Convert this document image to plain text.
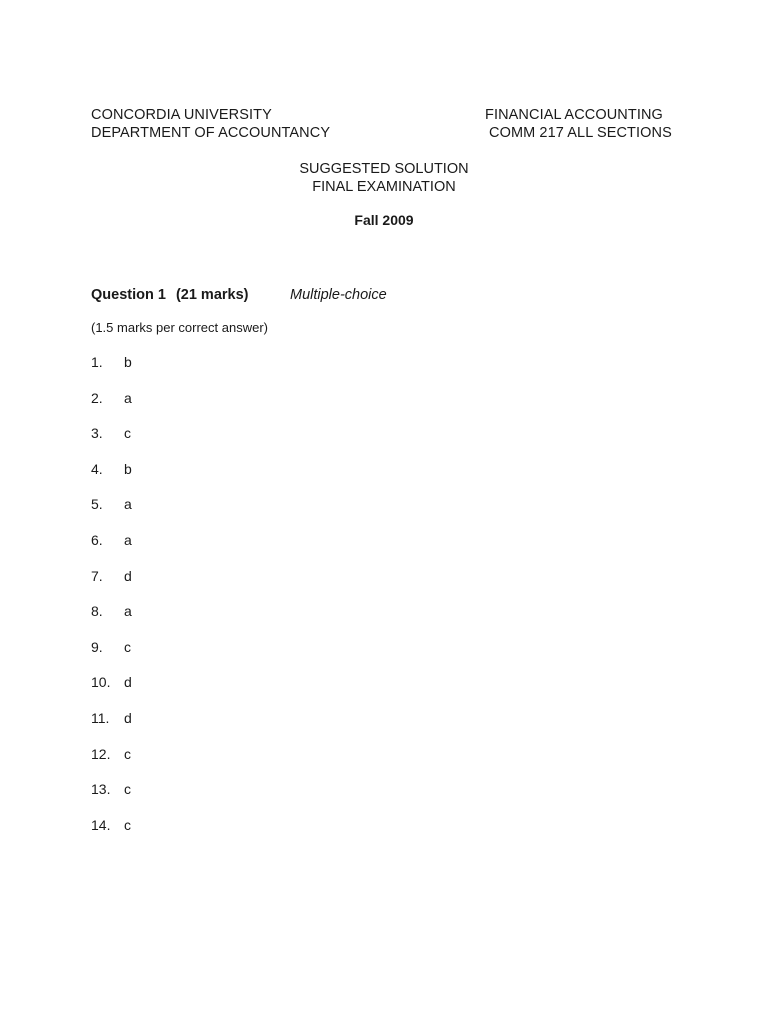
CONCORDIA UNIVERSITY
DEPARTMENT OF ACCOUNTANCY
FINANCIAL ACCOUNTING
COMM 217 ALL SECTIONS
SUGGESTED SOLUTION
FINAL EXAMINATION
Fall 2009
Question 1 (21 marks)	Multiple-choice
(1.5 marks per correct answer)
1. b
2. a
3. c
4. b
5. a
6. a
7. d
8. a
9. c
10. d
11. d
12. c
13. c
14. c
